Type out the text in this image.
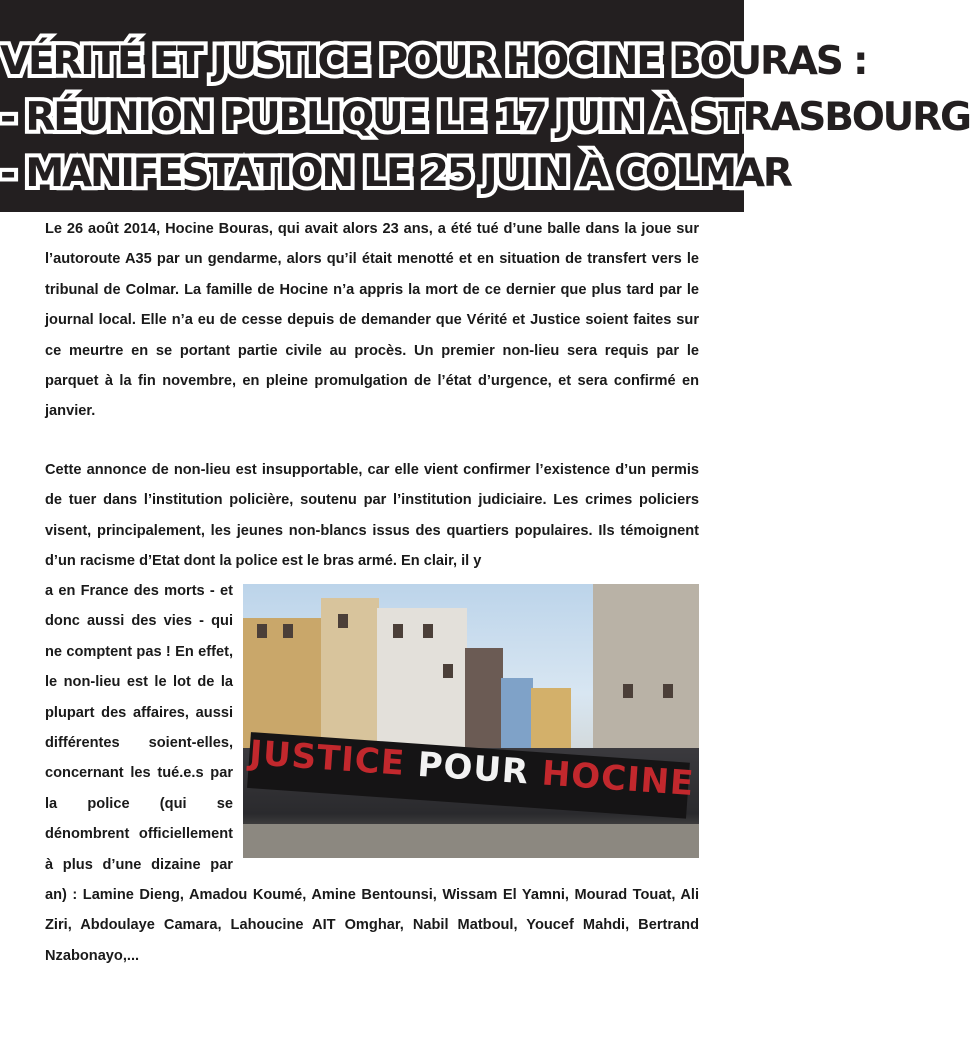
VÉRITÉ ET JUSTICE POUR HOCINE BOURAS :
- RÉUNION PUBLIQUE LE 17 JUIN À STRASBOURG
- MANIFESTATION LE 25 JUIN À COLMAR

Le 26 août 2014, Hocine Bouras, qui avait alors 23 ans, a été tué d’une balle dans la joue sur l’autoroute A35 par un gendarme, alors qu’il était menotté et en situation de transfert vers le tribunal de Colmar. La famille de Hocine n’a appris la mort de ce dernier que plus tard par le journal local. Elle n’a eu de cesse depuis de demander que Vérité et Justice soient faites sur ce meurtre en se portant partie civile au procès. Un premier non-lieu sera requis par le parquet à la fin novembre, en pleine promulgation de l’état d’urgence, et sera confirmé en janvier.

Cette annonce de non-lieu est insupportable, car elle vient confirmer l’existence d’un permis de tuer dans l’institution policière, soutenu par l’institution judiciaire. Les crimes policiers visent, principalement, les jeunes non-blancs issus des quartiers populaires. Ils témoignent d’un racisme d’Etat dont la police est le bras armé. En clair, il y

JUSTICE POUR HOCINE
a en France des morts - et donc aussi des vies - qui ne comptent pas ! En effet, le non-lieu est le lot de la plupart des affaires, aussi différentes soient-elles, concernant les tué.e.s par la police (qui se dénombrent officiellement à plus d’une dizaine par an) : Lamine Dieng, Amadou Koumé, Amine Bentounsi, Wissam El Yamni, Mourad Touat, Ali Ziri, Abdoulaye Camara, Lahoucine AIT Omghar, Nabil Matboul, Youcef Mahdi, Bertrand Nzabonayo,...
